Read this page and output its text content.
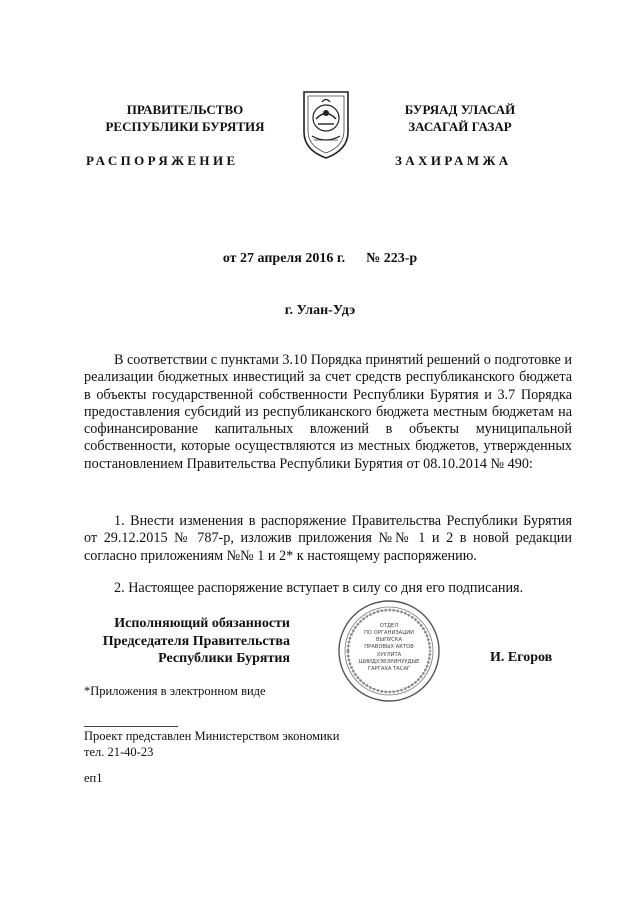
ПРАВИТЕЛЬСТВО
РЕСПУБЛИКИ БУРЯТИЯ
РАСПОРЯЖЕНИЕ
БУРЯАД УЛАСАЙ
ЗАСАГАЙ ГАЗАР
ЗАХИРАМЖА
от 27 апреля 2016 г. № 223-р
г. Улан-Удэ
В соответствии с пунктами 3.10 Порядка принятий решений о подготовке и реализации бюджетных инвестиций за счет средств республиканского бюджета в объекты государственной собственности Республики Бурятия и 3.7 Порядка предоставления субсидий из республиканского бюджета местным бюджетам на софинансирование капитальных вложений в объекты муниципальной собственности, которые осуществляются из местных бюджетов, утвержденных постановлением Правительства Республики Бурятия от 08.10.2014 № 490:
1. Внести изменения в распоряжение Правительства Республики Бурятия от 29.12.2015 № 787-р, изложив приложения №№ 1 и 2 в новой редакции согласно приложениям №№ 1 и 2* к настоящему распоряжению.
2. Настоящее распоряжение вступает в силу со дня его подписания.
Исполняющий обязанности
Председателя Правительства
Республики Бурятия
ОТДЕЛ
ПО ОРГАНИЗАЦИИ
ВЫПУСКА
ПРАВОВЫХ АКТОВ
ХУУЛИТА
ШИИДХЭБЭРИНУУДЫЕ
ГАРГАХА ТАСАГ
И. Егоров
*Приложения в электронном виде
Проект представлен Министерством экономики
тел. 21-40-23
еп1
